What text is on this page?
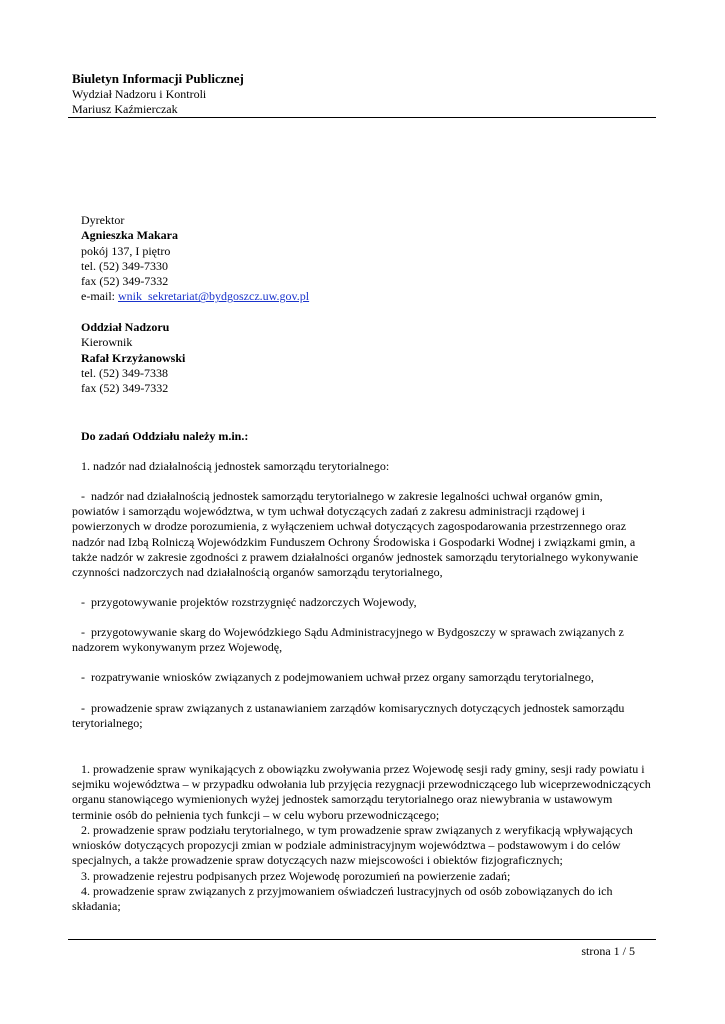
Biuletyn Informacji Publicznej
Wydział Nadzoru i Kontroli
Mariusz Kaźmierczak
Dyrektor
Agnieszka Makara
pokój 137, I piętro
tel. (52) 349-7330
fax (52) 349-7332
e-mail: wnik_sekretariat@bydgoszcz.uw.gov.pl
Oddział Nadzoru
Kierownik
Rafał Krzyżanowski
tel. (52) 349-7338
fax (52) 349-7332
Do zadań Oddziału należy m.in.:
1. nadzór nad działalnością jednostek samorządu terytorialnego:
-  nadzór nad działalnością jednostek samorządu terytorialnego w zakresie legalności uchwał organów gmin, powiatów i samorządu województwa, w tym uchwał dotyczących zadań z zakresu administracji rządowej i powierzonych w drodze porozumienia, z wyłączeniem uchwał dotyczących zagospodarowania przestrzennego oraz nadzór nad Izbą Rolniczą Wojewódzkim Funduszem Ochrony Środowiska i Gospodarki Wodnej i związkami gmin, a także nadzór w zakresie zgodności z prawem działalności organów jednostek samorządu terytorialnego wykonywanie czynności nadzorczych nad działalnością organów samorządu terytorialnego,
-  przygotowywanie projektów rozstrzygnięć nadzorczych Wojewody,
-  przygotowywanie skarg do Wojewódzkiego Sądu Administracyjnego w Bydgoszczy w sprawach związanych z nadzorem wykonywanym przez Wojewodę,
-  rozpatrywanie wniosków związanych z podejmowaniem uchwał przez organy samorządu terytorialnego,
-  prowadzenie spraw związanych z ustanawianiem zarządów komisarycznych dotyczących jednostek samorządu terytorialnego;
1. prowadzenie spraw wynikających z obowiązku zwoływania przez Wojewodę sesji rady gminy, sesji rady powiatu i sejmiku województwa – w przypadku odwołania lub przyjęcia rezygnacji przewodniczącego lub wiceprzewodniczących organu stanowiącego wymienionych wyżej jednostek samorządu terytorialnego oraz niewybrania w ustawowym terminie osób do pełnienia tych funkcji – w celu wyboru przewodniczącego;
2. prowadzenie spraw podziału terytorialnego, w tym prowadzenie spraw związanych z weryfikacją wpływających wniosków dotyczących propozycji zmian w podziale administracyjnym województwa – podstawowym i do celów specjalnych, a także prowadzenie spraw dotyczących nazw miejscowości i obiektów fizjograficznych;
3. prowadzenie rejestru podpisanych przez Wojewodę porozumień na powierzenie zadań;
4. prowadzenie spraw związanych z przyjmowaniem oświadczeń lustracyjnych od osób zobowiązanych do ich składania;
strona 1 / 5
